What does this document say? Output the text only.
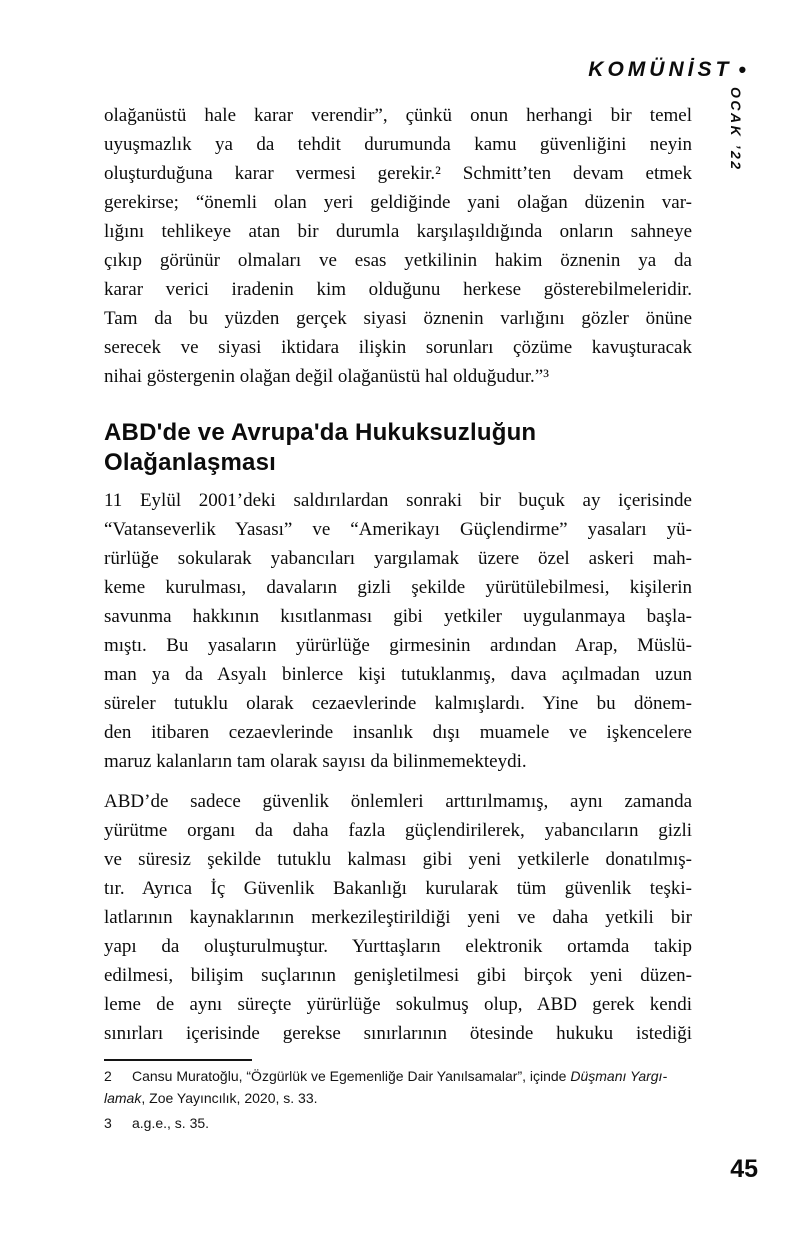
KOMÜNİST •
OCAK ’22
olağanüstü hale karar verendir”, çünkü onun herhangi bir temel
uyuşmazlık ya da tehdit durumunda kamu güvenliğini neyin
oluşturduğuna karar vermesi gerekir.² Schmitt’ten devam etmek
gerekirse; “önemli olan yeri geldiğinde yani olağan düzenin var-
lığını tehlikeye atan bir durumla karşılaşıldığında onların sahneye
çıkıp görünür olmaları ve esas yetkilinin hakim öznenin ya da
karar verici iradenin kim olduğunu herkese gösterebilmeleridir.
Tam da bu yüzden gerçek siyasi öznenin varlığını gözler önüne
serecek ve siyasi iktidara ilişkin sorunları çözüme kavuşturacak
nihai göstergenin olağan değil olağanüstü hal olduğudur.”³
ABD'de ve Avrupa'da Hukuksuzluğun
Olağanlaşması
11 Eylül 2001’deki saldırılardan sonraki bir buçuk ay içerisinde
“Vatanseverlik Yasası” ve “Amerikayı Güçlendirme” yasaları yü-
rürlüğe sokularak yabancıları yargılamak üzere özel askeri mah-
keme kurulması, davaların gizli şekilde yürütülebilmesi, kişilerin
savunma hakkının kısıtlanması gibi yetkiler uygulanmaya başla-
mıştı. Bu yasaların yürürlüğe girmesinin ardından Arap, Müslü-
man ya da Asyalı binlerce kişi tutuklanmış, dava açılmadan uzun
süreler tutuklu olarak cezaevlerinde kalmışlardı. Yine bu dönem-
den itibaren cezaevlerinde insanlık dışı muamele ve işkencelere
maruz kalanların tam olarak sayısı da bilinmemekteydi.
ABD’de sadece güvenlik önlemleri arttırılmamış, aynı zamanda
yürütme organı da daha fazla güçlendirilerek, yabancıların gizli
ve süresiz şekilde tutuklu kalması gibi yeni yetkilerle donatılmış-
tır. Ayrıca İç Güvenlik Bakanlığı kurularak tüm güvenlik teşki-
latlarının kaynaklarının merkezileştirildiği yeni ve daha yetkili bir
yapı da oluşturulmuştur. Yurttaşların elektronik ortamda takip
edilmesi, bilişim suçlarının genişletilmesi gibi birçok yeni düzen-
leme de aynı süreçte yürürlüğe sokulmuş olup, ABD gerek kendi
sınırları içerisinde gerekse sınırlarının ötesinde hukuku istediği
2 Cansu Muratoğlu, “Özgürlük ve Egemenliğe Dair Yanılsamalar”, içinde Düşmanı Yargı-
lamak, Zoe Yayıncılık, 2020, s. 33.
3 a.g.e., s. 35.
45
